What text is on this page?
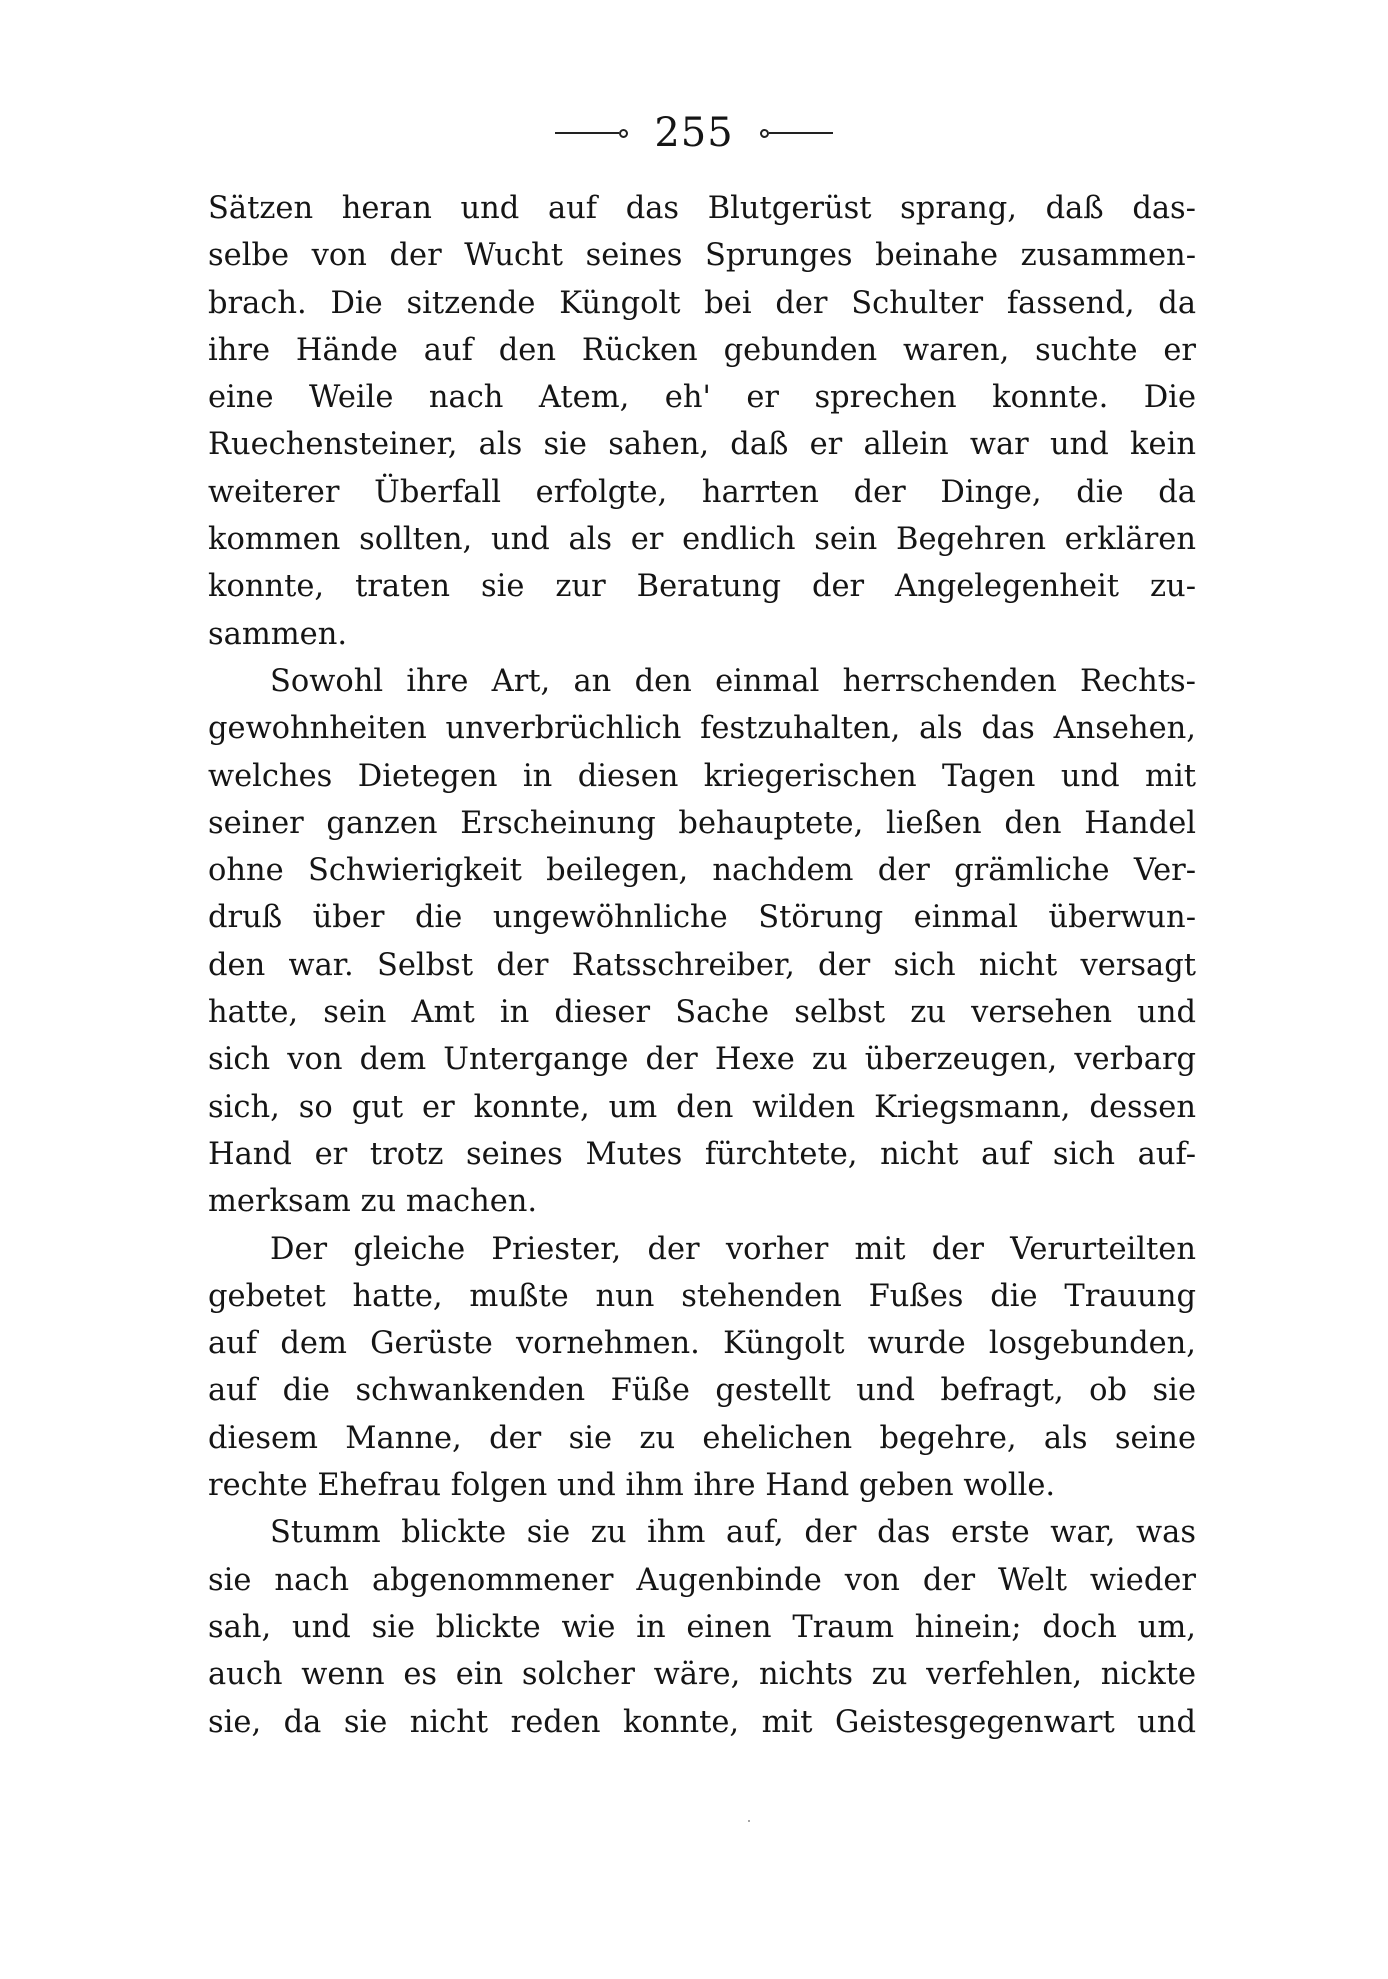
255
Sätzen heran und auf das Blutgerüst sprang, daß das-
selbe von der Wucht seines Sprunges beinahe zusammen-
brach. Die sitzende Küngolt bei der Schulter fassend, da
ihre Hände auf den Rücken gebunden waren, suchte er
eine Weile nach Atem, eh' er sprechen konnte. Die
Ruechensteiner, als sie sahen, daß er allein war und kein
weiterer Überfall erfolgte, harrten der Dinge, die da
kommen sollten, und als er endlich sein Begehren erklären
konnte, traten sie zur Beratung der Angelegenheit zu-
sammen.
Sowohl ihre Art, an den einmal herrschenden Rechts-
gewohnheiten unverbrüchlich festzuhalten, als das Ansehen,
welches Dietegen in diesen kriegerischen Tagen und mit
seiner ganzen Erscheinung behauptete, ließen den Handel
ohne Schwierigkeit beilegen, nachdem der grämliche Ver-
druß über die ungewöhnliche Störung einmal überwun-
den war. Selbst der Ratsschreiber, der sich nicht versagt
hatte, sein Amt in dieser Sache selbst zu versehen und
sich von dem Untergange der Hexe zu überzeugen, verbarg
sich, so gut er konnte, um den wilden Kriegsmann, dessen
Hand er trotz seines Mutes fürchtete, nicht auf sich auf-
merksam zu machen.
Der gleiche Priester, der vorher mit der Verurteilten
gebetet hatte, mußte nun stehenden Fußes die Trauung
auf dem Gerüste vornehmen. Küngolt wurde losgebunden,
auf die schwankenden Füße gestellt und befragt, ob sie
diesem Manne, der sie zu ehelichen begehre, als seine
rechte Ehefrau folgen und ihm ihre Hand geben wolle.
Stumm blickte sie zu ihm auf, der das erste war, was
sie nach abgenommener Augenbinde von der Welt wieder
sah, und sie blickte wie in einen Traum hinein; doch um,
auch wenn es ein solcher wäre, nichts zu verfehlen, nickte
sie, da sie nicht reden konnte, mit Geistesgegenwart und
